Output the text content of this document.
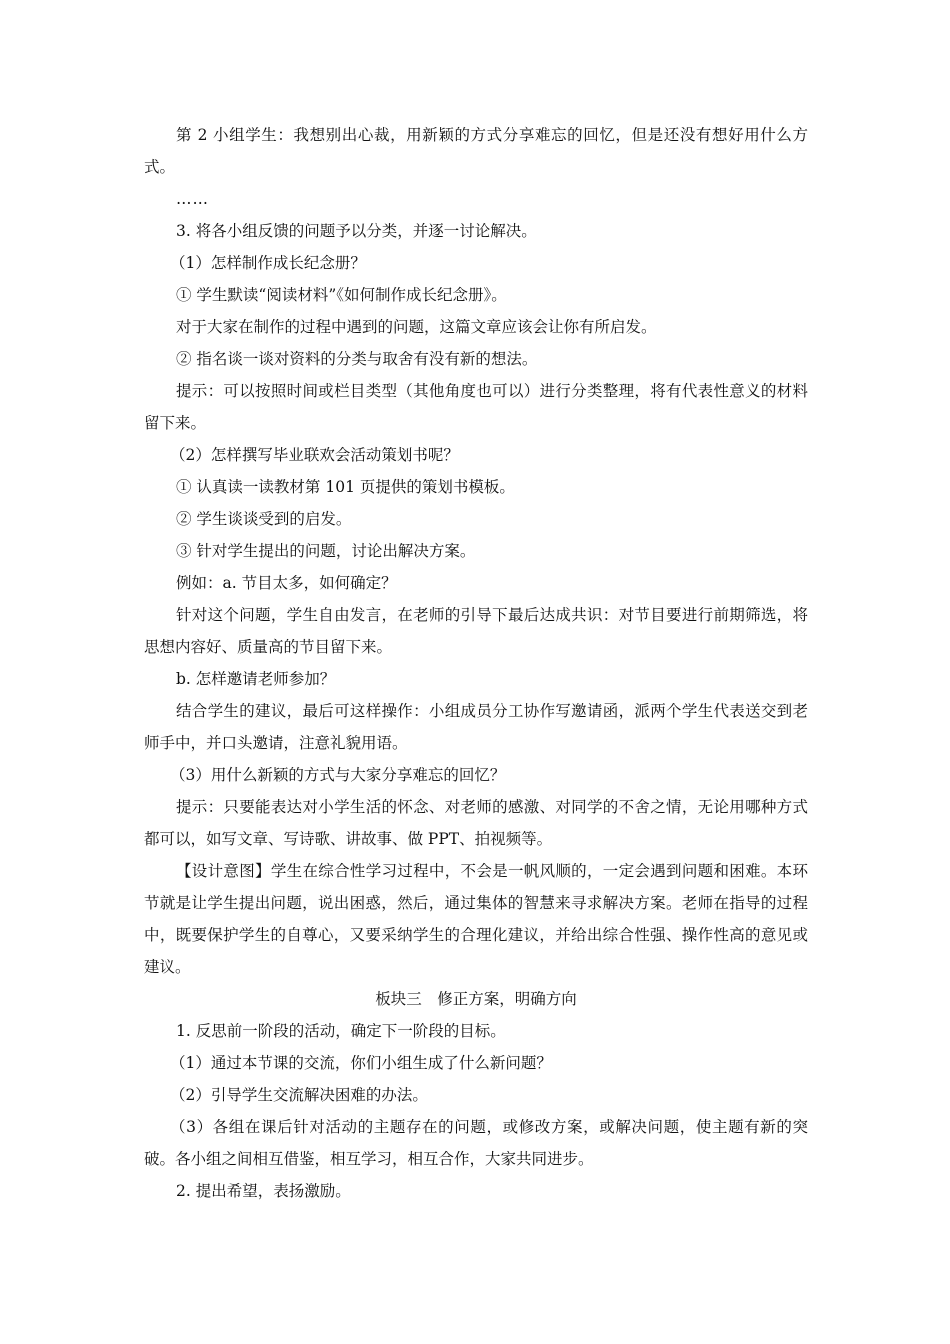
第 2 小组学生：我想别出心裁，用新颖的方式分享难忘的回忆，但是还没有想好用什么方式。

……

3. 将各小组反馈的问题予以分类，并逐一讨论解决。

（1）怎样制作成长纪念册？

① 学生默读“阅读材料”《如何制作成长纪念册》。

对于大家在制作的过程中遇到的问题，这篇文章应该会让你有所启发。

② 指名谈一谈对资料的分类与取舍有没有新的想法。

提示：可以按照时间或栏目类型（其他角度也可以）进行分类整理，将有代表性意义的材料留下来。

（2）怎样撰写毕业联欢会活动策划书呢？

① 认真读一读教材第 101 页提供的策划书模板。

② 学生谈谈受到的启发。

③ 针对学生提出的问题，讨论出解决方案。

例如：a. 节目太多，如何确定？

针对这个问题，学生自由发言，在老师的引导下最后达成共识：对节目要进行前期筛选，将思想内容好、质量高的节目留下来。

b. 怎样邀请老师参加？

结合学生的建议，最后可这样操作：小组成员分工协作写邀请函，派两个学生代表送交到老师手中，并口头邀请，注意礼貌用语。

（3）用什么新颖的方式与大家分享难忘的回忆？

提示：只要能表达对小学生活的怀念、对老师的感激、对同学的不舍之情，无论用哪种方式都可以，如写文章、写诗歌、讲故事、做 PPT、拍视频等。

【设计意图】学生在综合性学习过程中，不会是一帆风顺的，一定会遇到问题和困难。本环节就是让学生提出问题，说出困惑，然后，通过集体的智慧来寻求解决方案。老师在指导的过程中，既要保护学生的自尊心，又要采纳学生的合理化建议，并给出综合性强、操作性高的意见或建议。

板块三　修正方案，明确方向

1. 反思前一阶段的活动，确定下一阶段的目标。

（1）通过本节课的交流，你们小组生成了什么新问题？

（2）引导学生交流解决困难的办法。

（3）各组在课后针对活动的主题存在的问题，或修改方案，或解决问题，使主题有新的突破。各小组之间相互借鉴，相互学习，相互合作，大家共同进步。

2. 提出希望，表扬激励。
